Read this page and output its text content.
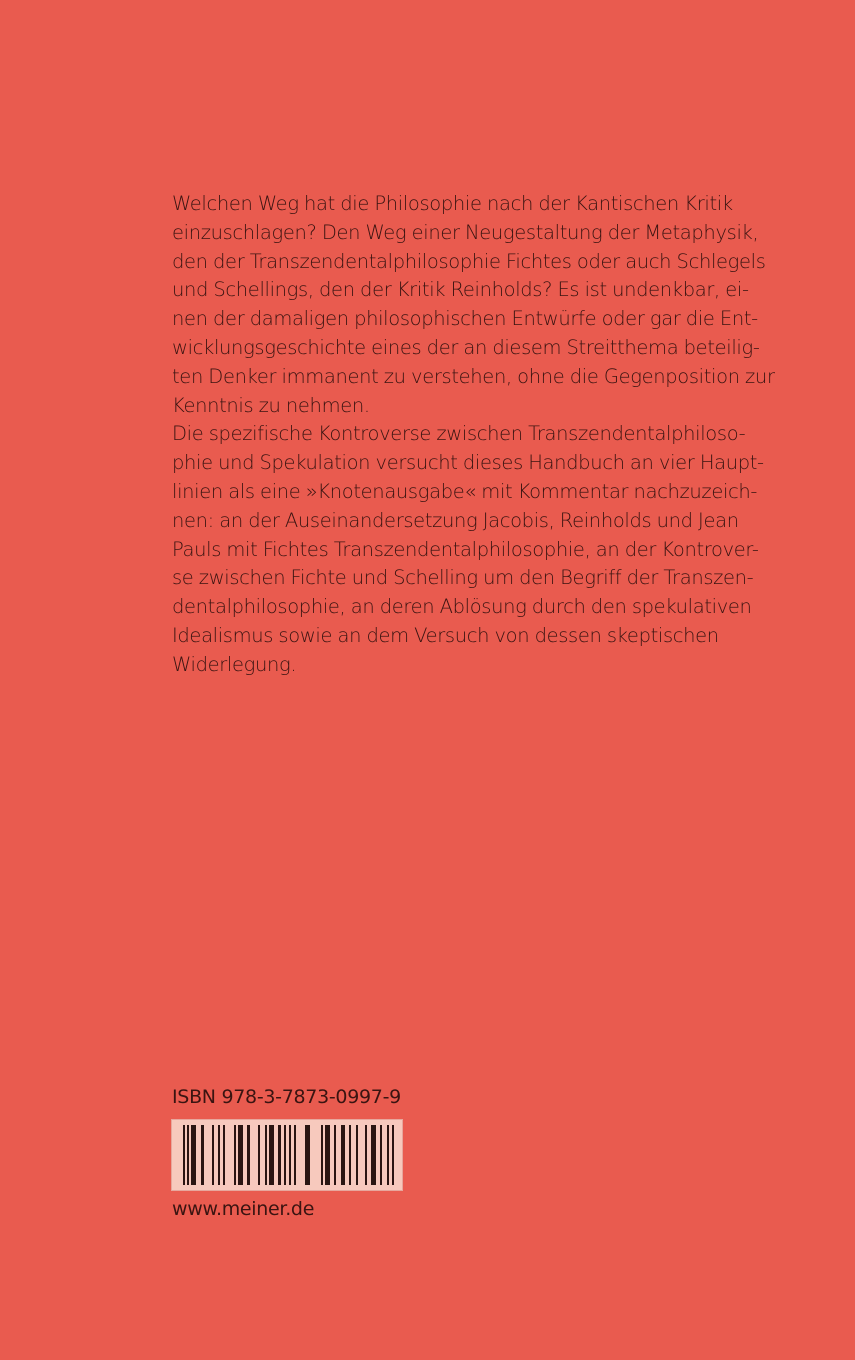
Welchen Weg hat die Philosophie nach der Kantischen Kritik
einzuschlagen? Den Weg einer Neugestaltung der Metaphysik,
den der Transzendentalphilosophie Fichtes oder auch Schlegels
und Schellings, den der Kritik Reinholds? Es ist undenkbar, ei-
nen der damaligen philosophischen Entwürfe oder gar die Ent-
wicklungsgeschichte eines der an diesem Streitthema beteilig-
ten Denker immanent zu verstehen, ohne die Gegenposition zur
Kenntnis zu nehmen.
Die spezifische Kontroverse zwischen Transzendentalphiloso-
phie und Spekulation versucht dieses Handbuch an vier Haupt-
linien als eine »Knotenausgabe« mit Kommentar nachzuzeich-
nen: an der Auseinandersetzung Jacobis, Reinholds und Jean
Pauls mit Fichtes Transzendentalphilosophie, an der Kontrover-
se zwischen Fichte und Schelling um den Begriff der Transzen-
dentalphilosophie, an deren Ablösung durch den spekulativen
Idealismus sowie an dem Versuch von dessen skeptischen
Widerlegung.
ISBN 978-3-7873-0997-9
www.meiner.de
